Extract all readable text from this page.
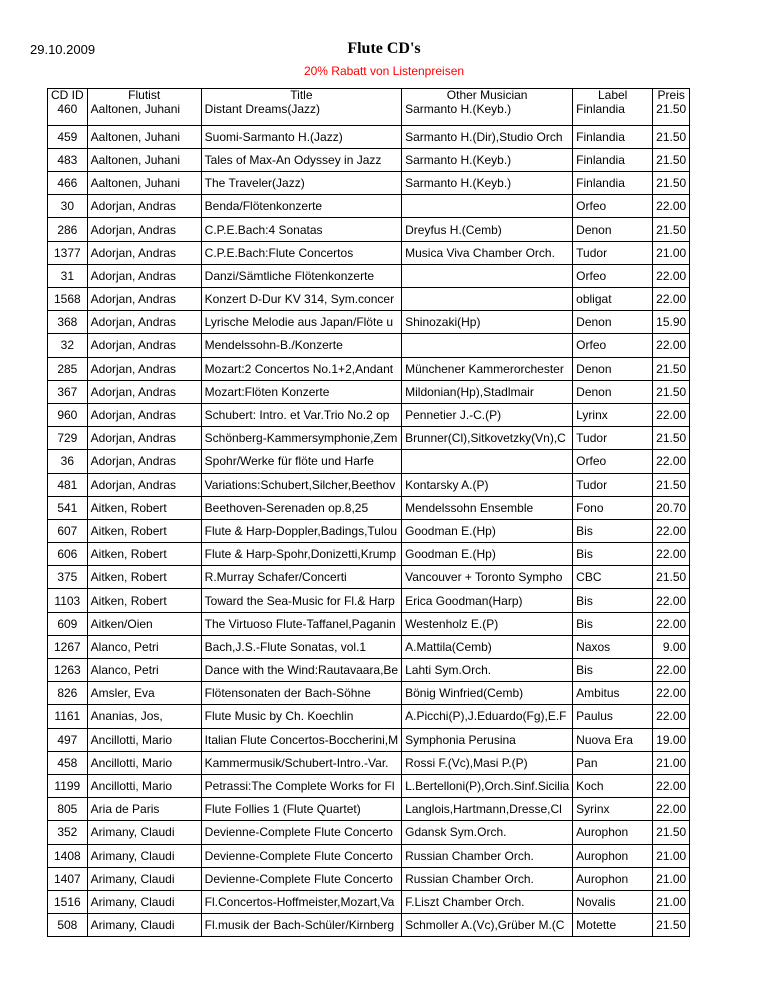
29.10.2009	Flute CD's
20% Rabatt von Listenpreisen
CD ID	Flutist	Title	Other Musician	Label	Preis
460	Aaltonen, Juhani	Distant Dreams(Jazz)	Sarmanto H.(Keyb.)	Finlandia	21.50
459	Aaltonen, Juhani	Suomi-Sarmanto H.(Jazz)	Sarmanto H.(Dir),Studio Orch	Finlandia	21.50
483	Aaltonen, Juhani	Tales of Max-An Odyssey in Jazz	Sarmanto H.(Keyb.)	Finlandia	21.50
466	Aaltonen, Juhani	The Traveler(Jazz)	Sarmanto H.(Keyb.)	Finlandia	21.50
30	Adorjan, Andras	Benda/Flötenkonzerte		Orfeo	22.00
286	Adorjan, Andras	C.P.E.Bach:4 Sonatas	Dreyfus H.(Cemb)	Denon	21.50
1377	Adorjan, Andras	C.P.E.Bach:Flute Concertos	Musica Viva Chamber Orch.	Tudor	21.00
31	Adorjan, Andras	Danzi/Sämtliche Flötenkonzerte		Orfeo	22.00
1568	Adorjan, Andras	Konzert D-Dur KV 314, Sym.concer		obligat	22.00
368	Adorjan, Andras	Lyrische Melodie aus Japan/Flöte u	Shinozaki(Hp)	Denon	15.90
32	Adorjan, Andras	Mendelssohn-B./Konzerte		Orfeo	22.00
285	Adorjan, Andras	Mozart:2 Concertos No.1+2,Andant	Münchener Kammerorchester	Denon	21.50
367	Adorjan, Andras	Mozart:Flöten Konzerte	Mildonian(Hp),Stadlmair	Denon	21.50
960	Adorjan, Andras	Schubert: Intro. et Var.Trio No.2 op	Pennetier J.-C.(P)	Lyrinx	22.00
729	Adorjan, Andras	Schönberg-Kammersymphonie,Zem	Brunner(Cl),Sitkovetzky(Vn),C	Tudor	21.50
36	Adorjan, Andras	Spohr/Werke für flöte und Harfe		Orfeo	22.00
481	Adorjan, Andras	Variations:Schubert,Silcher,Beethov	Kontarsky A.(P)	Tudor	21.50
541	Aitken, Robert	Beethoven-Serenaden op.8,25	Mendelssohn Ensemble	Fono	20.70
607	Aitken, Robert	Flute & Harp-Doppler,Badings,Tulou	Goodman E.(Hp)	Bis	22.00
606	Aitken, Robert	Flute & Harp-Spohr,Donizetti,Krump	Goodman E.(Hp)	Bis	22.00
375	Aitken, Robert	R.Murray Schafer/Concerti	Vancouver + Toronto Sympho	CBC	21.50
1103	Aitken, Robert	Toward the Sea-Music for Fl.& Harp	Erica Goodman(Harp)	Bis	22.00
609	Aitken/Oien	The Virtuoso Flute-Taffanel,Paganin	Westenholz E.(P)	Bis	22.00
1267	Alanco, Petri	Bach,J.S.-Flute Sonatas, vol.1	A.Mattila(Cemb)	Naxos	9.00
1263	Alanco, Petri	Dance with the Wind:Rautavaara,Be	Lahti Sym.Orch.	Bis	22.00
826	Amsler, Eva	Flötensonaten der Bach-Söhne	Bönig Winfried(Cemb)	Ambitus	22.00
1161	Ananias, Jos,	Flute Music by Ch. Koechlin	A.Picchi(P),J.Eduardo(Fg),E.F	Paulus	22.00
497	Ancillotti, Mario	Italian Flute Concertos-Boccherini,M	Symphonia Perusina	Nuova Era	19.00
458	Ancillotti, Mario	Kammermusik/Schubert-Intro.-Var.	Rossi F.(Vc),Masi P.(P)	Pan	21.00
1199	Ancillotti, Mario	Petrassi:The Complete Works for Fl	L.Bertelloni(P),Orch.Sinf.Sicilia	Koch	22.00
805	Aria de Paris	Flute Follies 1 (Flute Quartet)	Langlois,Hartmann,Dresse,Cl	Syrinx	22.00
352	Arimany, Claudi	Devienne-Complete Flute Concerto	Gdansk Sym.Orch.	Aurophon	21.50
1408	Arimany, Claudi	Devienne-Complete Flute Concerto	Russian Chamber Orch.	Aurophon	21.00
1407	Arimany, Claudi	Devienne-Complete Flute Concerto	Russian Chamber Orch.	Aurophon	21.00
1516	Arimany, Claudi	Fl.Concertos-Hoffmeister,Mozart,Va	F.Liszt Chamber Orch.	Novalis	21.00
508	Arimany, Claudi	Fl.musik der Bach-Schüler/Kirnberg	Schmoller A.(Vc),Grüber M.(C	Motette	21.50
